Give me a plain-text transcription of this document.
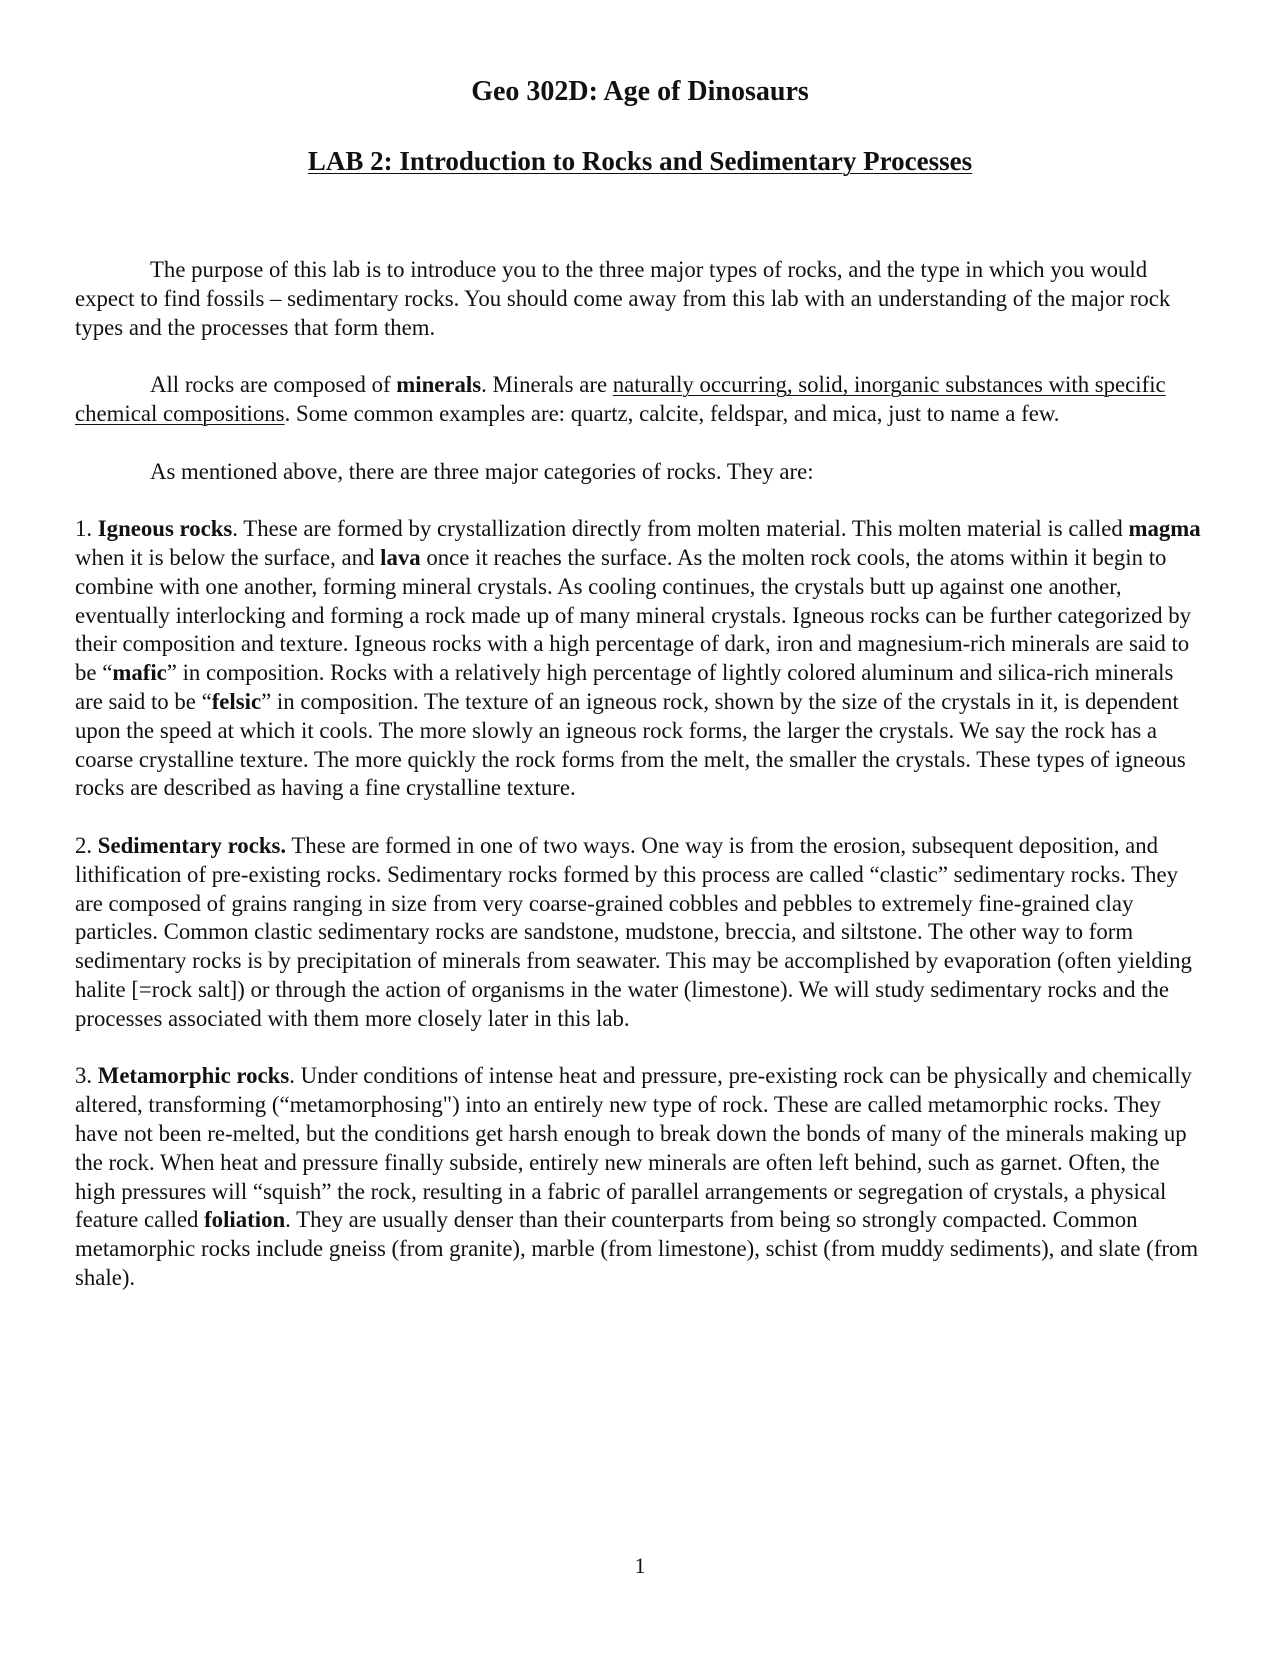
Geo 302D: Age of Dinosaurs
LAB 2: Introduction to Rocks and Sedimentary Processes

The purpose of this lab is to introduce you to the three major types of rocks, and the type in which you would expect to find fossils – sedimentary rocks. You should come away from this lab with an understanding of the major rock types and the processes that form them.

All rocks are composed of minerals. Minerals are naturally occurring, solid, inorganic substances with specific chemical compositions. Some common examples are: quartz, calcite, feldspar, and mica, just to name a few.

As mentioned above, there are three major categories of rocks. They are:

1. Igneous rocks. These are formed by crystallization directly from molten material. This molten material is called magma when it is below the surface, and lava once it reaches the surface. As the molten rock cools, the atoms within it begin to combine with one another, forming mineral crystals. As cooling continues, the crystals butt up against one another, eventually interlocking and forming a rock made up of many mineral crystals. Igneous rocks can be further categorized by their composition and texture. Igneous rocks with a high percentage of dark, iron and magnesium-rich minerals are said to be “mafic” in composition. Rocks with a relatively high percentage of lightly colored aluminum and silica-rich minerals are said to be “felsic” in composition. The texture of an igneous rock, shown by the size of the crystals in it, is dependent upon the speed at which it cools. The more slowly an igneous rock forms, the larger the crystals. We say the rock has a coarse crystalline texture. The more quickly the rock forms from the melt, the smaller the crystals. These types of igneous rocks are described as having a fine crystalline texture.

2. Sedimentary rocks. These are formed in one of two ways. One way is from the erosion, subsequent deposition, and lithification of pre-existing rocks. Sedimentary rocks formed by this process are called “clastic” sedimentary rocks. They are composed of grains ranging in size from very coarse-grained cobbles and pebbles to extremely fine-grained clay particles. Common clastic sedimentary rocks are sandstone, mudstone, breccia, and siltstone. The other way to form sedimentary rocks is by precipitation of minerals from seawater. This may be accomplished by evaporation (often yielding halite [=rock salt]) or through the action of organisms in the water (limestone). We will study sedimentary rocks and the processes associated with them more closely later in this lab.

3. Metamorphic rocks. Under conditions of intense heat and pressure, pre-existing rock can be physically and chemically altered, transforming (“metamorphosing") into an entirely new type of rock. These are called metamorphic rocks. They have not been re-melted, but the conditions get harsh enough to break down the bonds of many of the minerals making up the rock. When heat and pressure finally subside, entirely new minerals are often left behind, such as garnet. Often, the high pressures will “squish” the rock, resulting in a fabric of parallel arrangements or segregation of crystals, a physical feature called foliation. They are usually denser than their counterparts from being so strongly compacted. Common metamorphic rocks include gneiss (from granite), marble (from limestone), schist (from muddy sediments), and slate (from shale).

1
